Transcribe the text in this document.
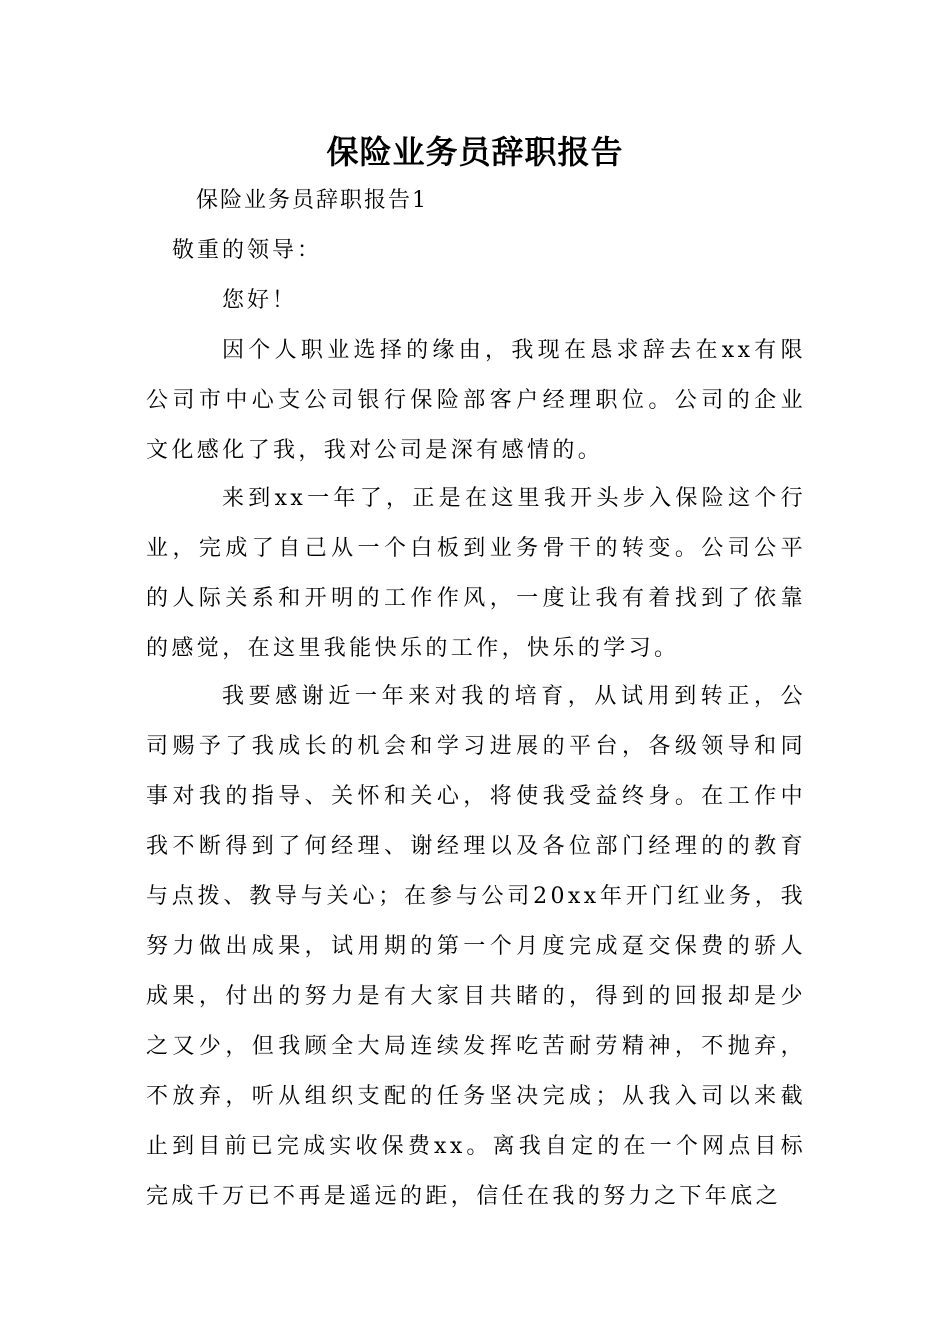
保险业务员辞职报告
保险业务员辞职报告1
敬重的领导：
您好！

因个人职业选择的缘由，我现在恳求辞去在xx有限公司市中心支公司银行保险部客户经理职位。公司的企业文化感化了我，我对公司是深有感情的。

来到xx一年了，正是在这里我开头步入保险这个行业，完成了自己从一个白板到业务骨干的转变。公司公平的人际关系和开明的工作作风，一度让我有着找到了依靠的感觉，在这里我能快乐的工作，快乐的学习。

我要感谢近一年来对我的培育，从试用到转正，公司赐予了我成长的机会和学习进展的平台，各级领导和同事对我的指导、关怀和关心，将使我受益终身。在工作中我不断得到了何经理、谢经理以及各位部门经理的的教育与点拨、教导与关心；在参与公司20xx年开门红业务，我努力做出成果，试用期的第一个月度完成趸交保费的骄人成果，付出的努力是有大家目共睹的，得到的回报却是少之又少，但我顾全大局连续发挥吃苦耐劳精神，不抛弃，不放弃，听从组织支配的任务坚决完成；从我入司以来截止到目前已完成实收保费xx。离我自定的在一个网点目标完成千万已不再是遥远的距，信任在我的努力之下年底之
